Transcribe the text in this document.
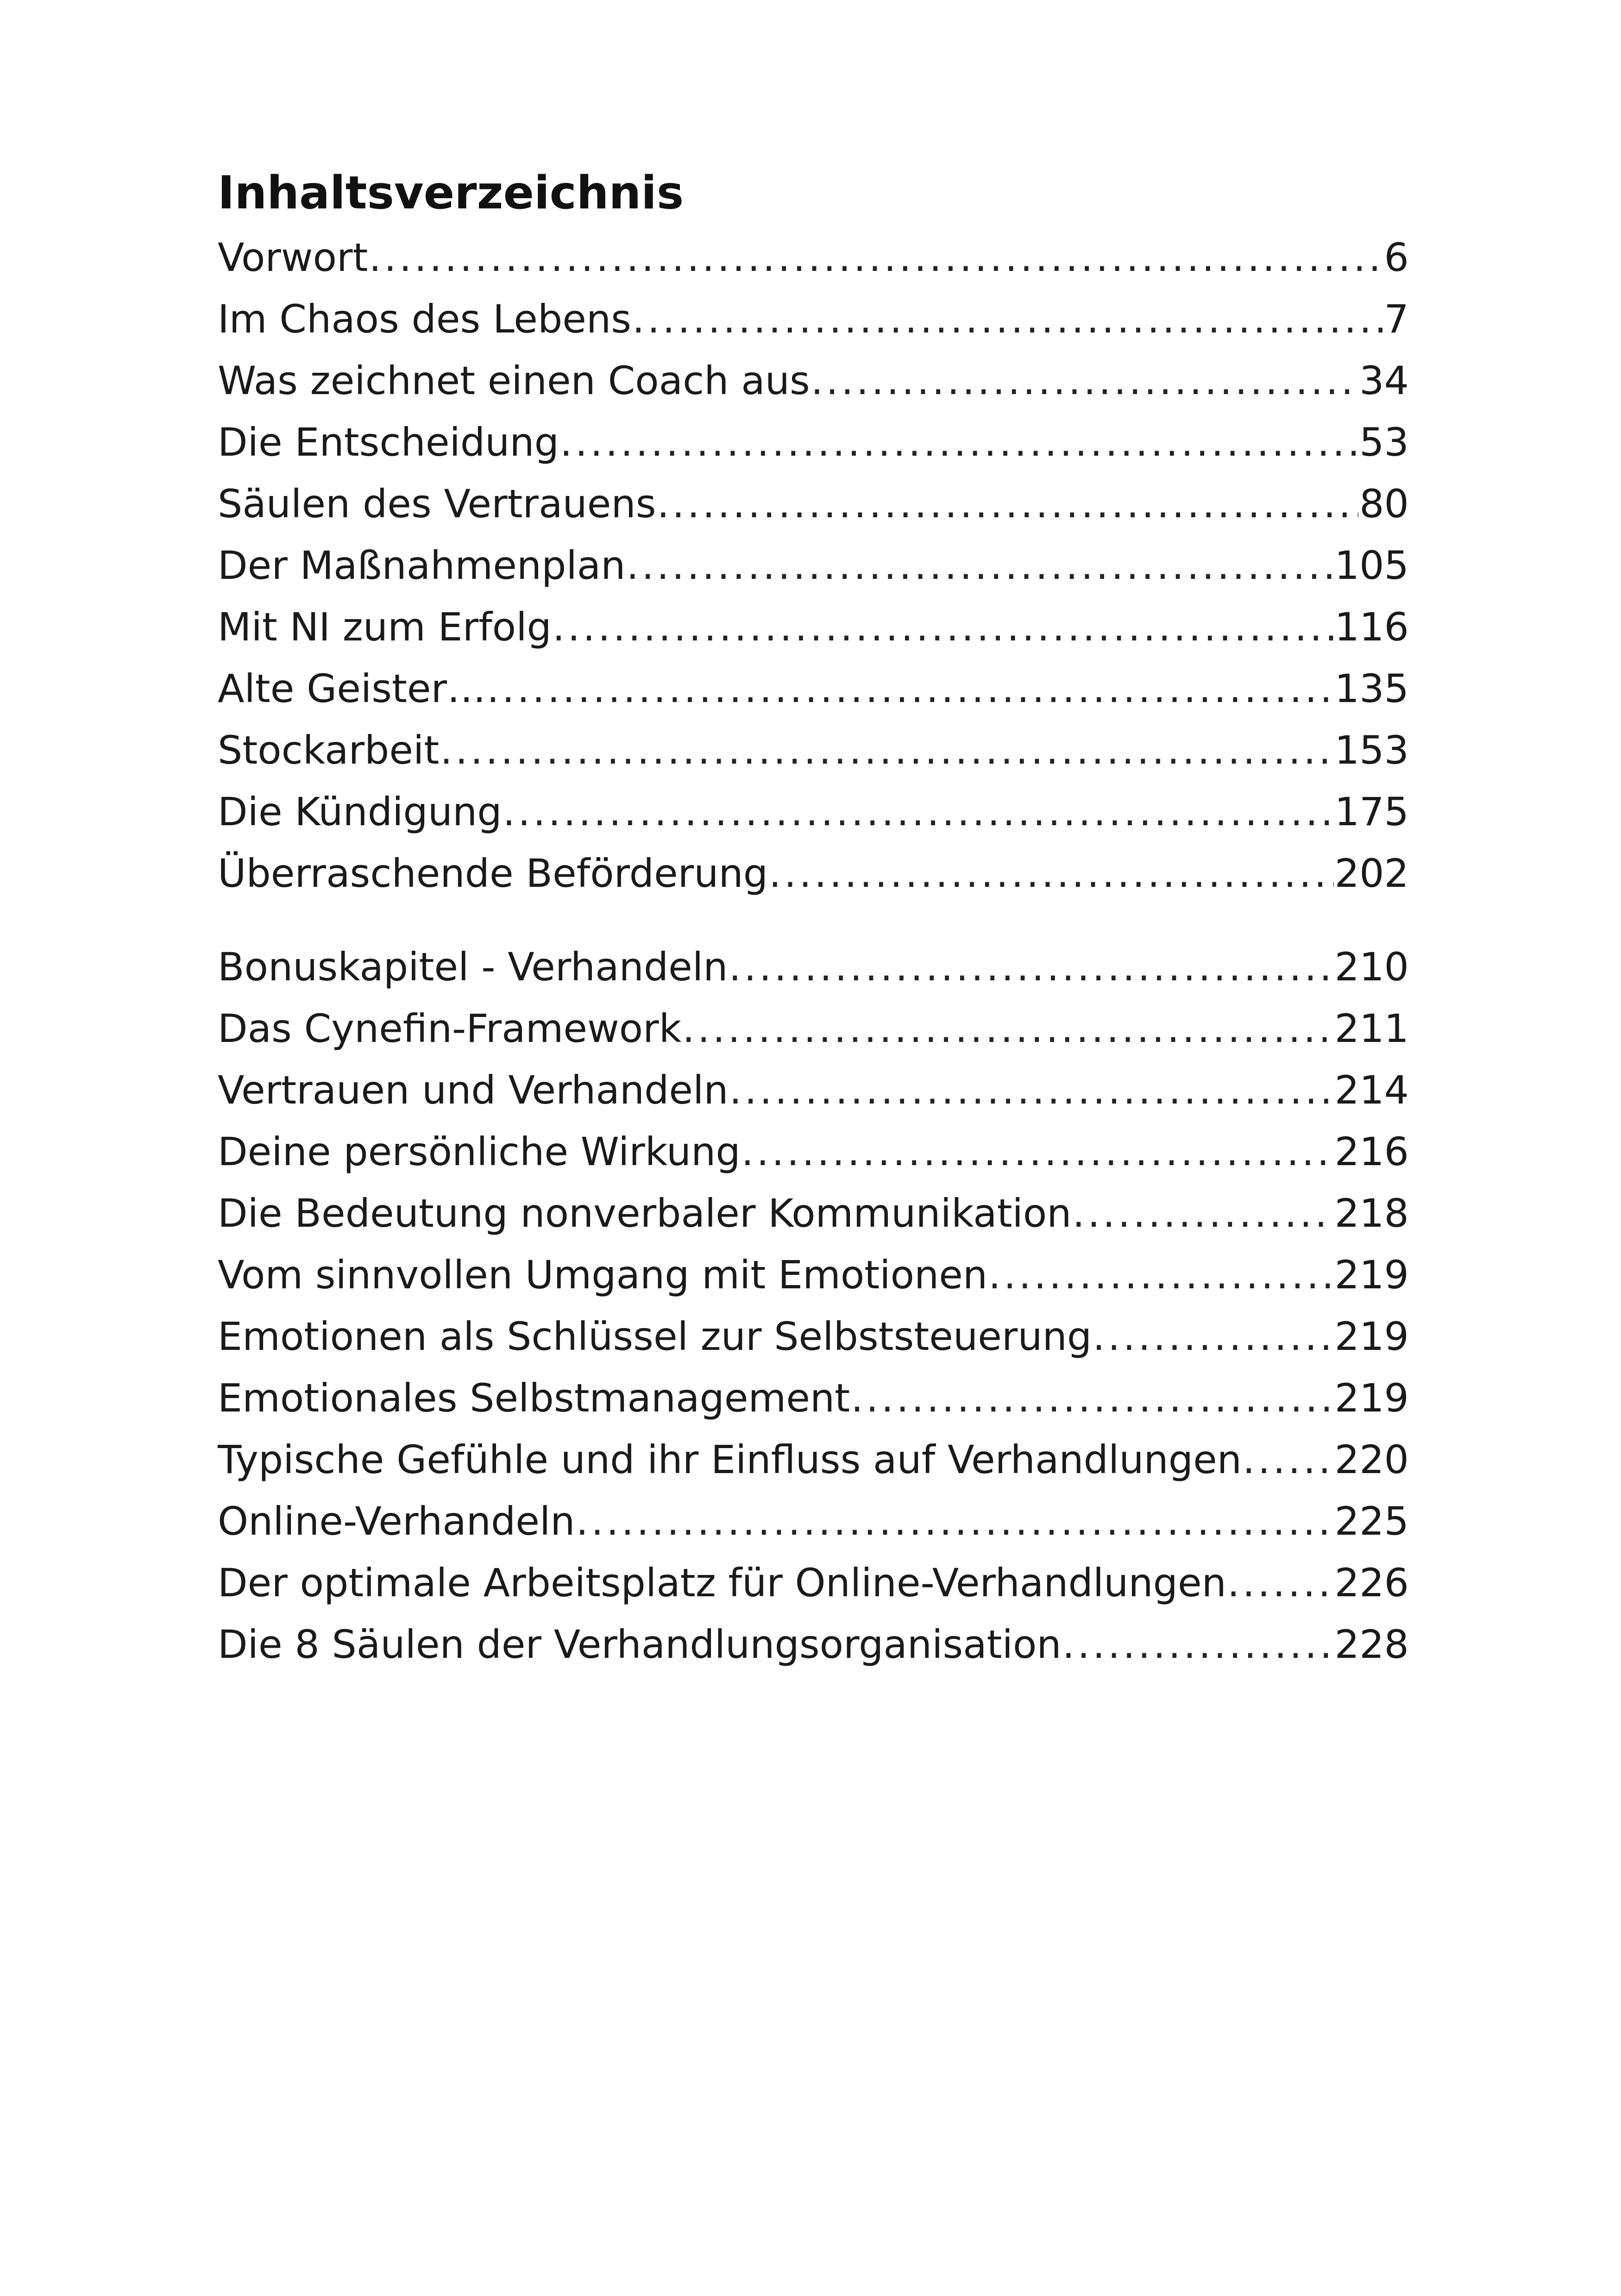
Inhaltsverzeichnis
Vorwort .....	6
Im Chaos des Lebens .....	7
Was zeichnet einen Coach aus .....	34
Die Entscheidung .....	53
Säulen des Vertrauens .....	80
Der Maßnahmenplan .....	105
Mit NI zum Erfolg .....	116
Alte Geister… .....	135
Stockarbeit .....	153
Die Kündigung .....	175
Überraschende Beförderung .....	202
Bonuskapitel - Verhandeln .....	210
Das Cynefin-Framework .....	211
Vertrauen und Verhandeln .....	214
Deine persönliche Wirkung .....	216
Die Bedeutung nonverbaler Kommunikation .....	218
Vom sinnvollen Umgang mit Emotionen .....	219
Emotionen als Schlüssel zur Selbststeuerung .....	219
Emotionales Selbstmanagement .....	219
Typische Gefühle und ihr Einfluss auf Verhandlungen ..... 220
Online-Verhandeln .....	225
Der optimale Arbeitsplatz für Online-Verhandlungen .....	226
Die 8 Säulen der Verhandlungsorganisation .....	228
